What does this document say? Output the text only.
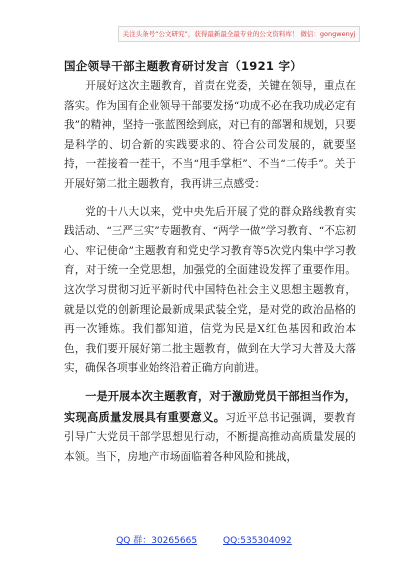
关注头条号“公文研究”，获得最新最全最专业的公文资料库！ 微信：gongwenyj
国企领导干部主题教育研讨发言（1921 字）

开展好这次主题教育，首责在党委，关键在领导，重点在落实。作为国有企业领导干部要发扬“功成不必在我功成必定有我”的精神，坚持一张蓝图绘到底，对已有的部署和规划，只要是科学的、切合新的实践要求的、符合公司发展的，就要坚持，一茬接着一茬干，不当“甩手掌柜”、不当“二传手”。关于开展好第二批主题教育，我再讲三点感受：

党的十八大以来，党中央先后开展了党的群众路线教育实践活动、“三严三实”专题教育、“两学一做”学习教育、“不忘初心、牢记使命”主题教育和党史学习教育等5次党内集中学习教育，对于统一全党思想，加强党的全面建设发挥了重要作用。这次学习贯彻习近平新时代中国特色社会主义思想主题教育，就是以党的创新理论最新成果武装全党，是对党的政治品格的再一次锤炼。我们都知道，信党为民是X红色基因和政治本色，我们要开展好第二批主题教育，做到在大学习大普及大落实，确保各项事业始终沿着正确方向前进。

一是开展本次主题教育，对于激励党员干部担当作为，实现高质量发展具有重要意义。习近平总书记强调，要教育引导广大党员干部学思想见行动，不断提高推动高质量发展的本领。当下，房地产市场面临着各种风险和挑战，

QQ 群：30265665	QQ:535304092
